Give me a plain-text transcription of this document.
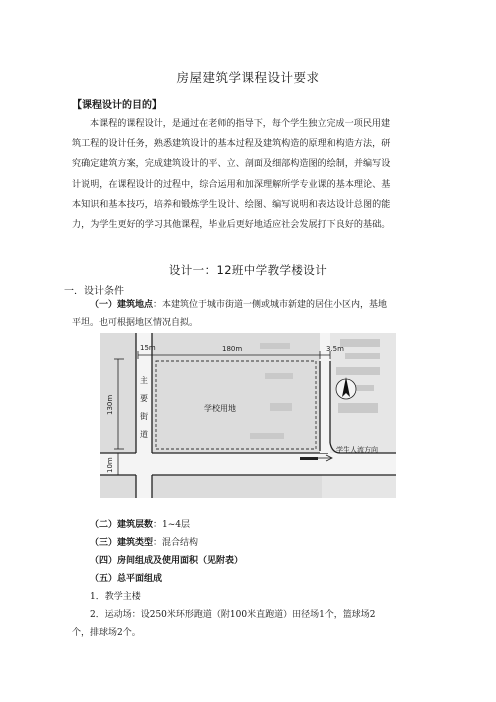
房屋建筑学课程设计要求
【课程设计的目的】
本课程的课程设计，是通过在老师的指导下，每个学生独立完成一项民用建
筑工程的设计任务，熟悉建筑设计的基本过程及建筑构造的原理和构造方法，研
究确定建筑方案，完成建筑设计的平、立、剖面及细部构造图的绘制，并编写设
计说明，在课程设计的过程中，综合运用和加深理解所学专业课的基本理论、基
本知识和基本技巧，培养和锻炼学生设计、绘图、编写说明和表达设计总图的能
力，为学生更好的学习其他课程，毕业后更好地适应社会发展打下良好的基础。
设计一：12班中学教学楼设计
一．设计条件
（一）建筑地点：本建筑位于城市街道一侧或城市新建的居住小区内，基地
平坦。也可根据地区情况自拟。
15m	180m	3.5m
130m
10m
主
要
街
道
学校用地
学生人流方向
（二）建筑层数：1~4层
（三）建筑类型：混合结构
（四）房间组成及使用面积（见附表）
（五）总平面组成
1．教学主楼
2．运动场：设250米环形跑道（附100米直跑道）田径场1个，篮球场2
个，排球场2个。
